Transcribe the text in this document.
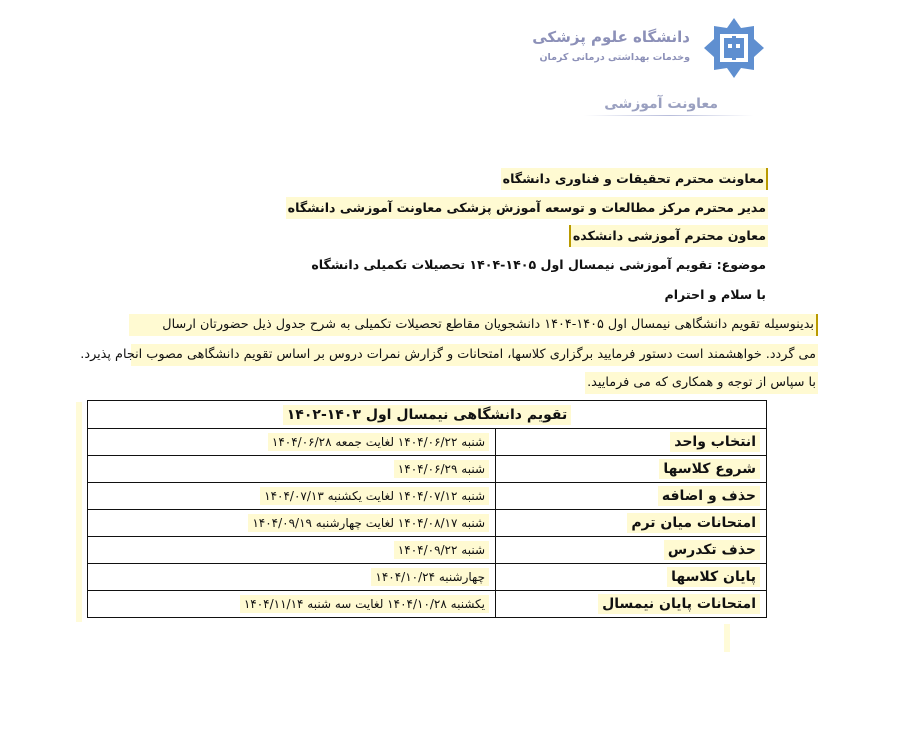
دانشگاه علوم پزشکی
وخدمات بهداشتی درمانی کرمان
معاونت آموزشی
معاونت محترم تحقیقات و فناوری دانشگاه
مدیر محترم مرکز مطالعات و توسعه آموزش پزشکی معاونت آموزشی دانشگاه
معاون محترم آموزشی دانشکده
موضوع: تقویم آموزشی نیمسال اول ۱۴۰۵-۱۴۰۴ تحصیلات تکمیلی دانشگاه
با سلام و احترام
بدینوسیله تقویم دانشگاهی نیمسال اول ۱۴۰۵-۱۴۰۴ دانشجویان مقاطع تحصیلات تکمیلی به شرح جدول ذیل حضورتان ارسال
می گردد. خواهشمند است دستور فرمایید برگزاری کلاسها، امتحانات و گزارش نمرات دروس بر اساس تقویم دانشگاهی مصوب انجام پذیرد.
با سپاس از توجه و همکاری که می فرمایید.
تقویم دانشگاهی نیمسال اول ۱۴۰۳-۱۴۰۲	
انتخاب واحد	شنبه ۱۴۰۴/۰۶/۲۲ لغایت جمعه ۱۴۰۴/۰۶/۲۸
شروع کلاسها	شنبه ۱۴۰۴/۰۶/۲۹
حذف و اضافه	شنبه ۱۴۰۴/۰۷/۱۲ لغایت یکشنبه ۱۴۰۴/۰۷/۱۳
امتحانات میان ترم	شنبه ۱۴۰۴/۰۸/۱۷ لغایت چهارشنبه ۱۴۰۴/۰۹/۱۹
حذف تکدرس	شنبه ۱۴۰۴/۰۹/۲۲
پایان کلاسها	چهارشنبه ۱۴۰۴/۱۰/۲۴
امتحانات پایان نیمسال	یکشنبه ۱۴۰۴/۱۰/۲۸ لغایت سه شنبه ۱۴۰۴/۱۱/۱۴
